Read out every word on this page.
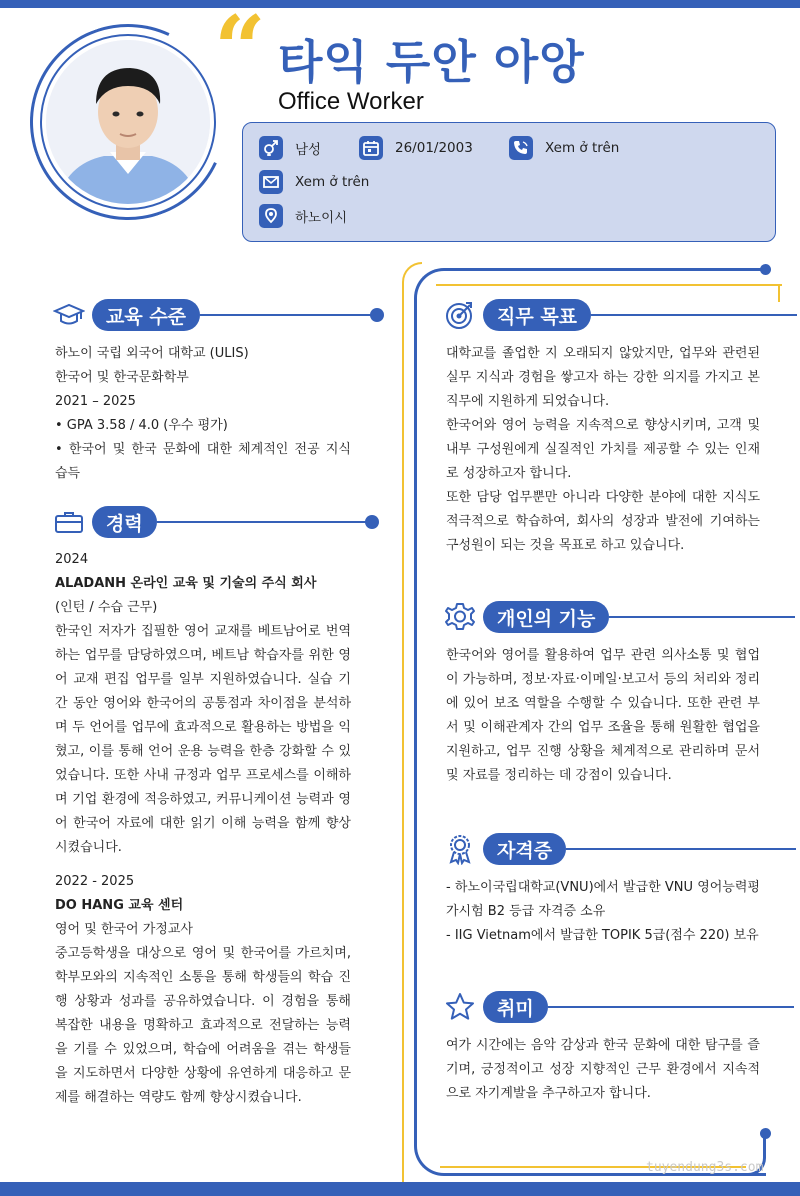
“ 타익 두안 아앙
Office Worker
남성	26/01/2003	Xem ở trên
Xem ở trên
하노이시
교육 수준

하노이 국립 외국어 대학교 (ULIS)

한국어 및 한국문화학부

2021 – 2025

• GPA 3.58 / 4.0 (우수 평가)

• 한국어 및 한국 문화에 대한 체계적인 전공 지식 습득

경력

2024

ALADANH 온라인 교육 및 기술의 주식 회사

(인턴 / 수습 근무)

한국인 저자가 집필한 영어 교재를 베트남어로 번역하는 업무를 담당하였으며, 베트남 학습자를 위한 영어 교재 편집 업무를 일부 지원하였습니다. 실습 기간 동안 영어와 한국어의 공통점과 차이점을 분석하며 두 언어를 업무에 효과적으로 활용하는 방법을 익혔고, 이를 통해 언어 운용 능력을 한층 강화할 수 있었습니다. 또한 사내 규정과 업무 프로세스를 이해하며 기업 환경에 적응하였고, 커뮤니케이션 능력과 영어 한국어 자료에 대한 읽기 이해 능력을 함께 향상시켰습니다.

2022 - 2025

DO HANG 교육 센터

영어 및 한국어 가정교사

중고등학생을 대상으로 영어 및 한국어를 가르치며, 학부모와의 지속적인 소통을 통해 학생들의 학습 진행 상황과 성과를 공유하였습니다. 이 경험을 통해 복잡한 내용을 명확하고 효과적으로 전달하는 능력을 기를 수 있었으며, 학습에 어려움을 겪는 학생들을 지도하면서 다양한 상황에 유연하게 대응하고 문제를 해결하는 역량도 함께 향상시켰습니다.

직무 목표

대학교를 졸업한 지 오래되지 않았지만, 업무와 관련된 실무 지식과 경험을 쌓고자 하는 강한 의지를 가지고 본 직무에 지원하게 되었습니다.

한국어와 영어 능력을 지속적으로 향상시키며, 고객 및 내부 구성원에게 실질적인 가치를 제공할 수 있는 인재로 성장하고자 합니다.

또한 담당 업무뿐만 아니라 다양한 분야에 대한 지식도 적극적으로 학습하여, 회사의 성장과 발전에 기여하는 구성원이 되는 것을 목표로 하고 있습니다.

개인의 기능

한국어와 영어를 활용하여 업무 관련 의사소통 및 협업이 가능하며, 정보·자료·이메일·보고서 등의 처리와 정리에 있어 보조 역할을 수행할 수 있습니다. 또한 관련 부서 및 이해관계자 간의 업무 조율을 통해 원활한 협업을 지원하고, 업무 진행 상황을 체계적으로 관리하며 문서 및 자료를 정리하는 데 강점이 있습니다.

자격증

- 하노이국립대학교(VNU)에서 발급한 VNU 영어능력평가시험 B2 등급 자격증 소유

- IIG Vietnam에서 발급한 TOPIK 5급(점수 220) 보유

취미

여가 시간에는 음악 감상과 한국 문화에 대한 탐구를 즐기며, 긍정적이고 성장 지향적인 근무 환경에서 지속적으로 자기계발을 추구하고자 합니다.

tuyendung3s.com
